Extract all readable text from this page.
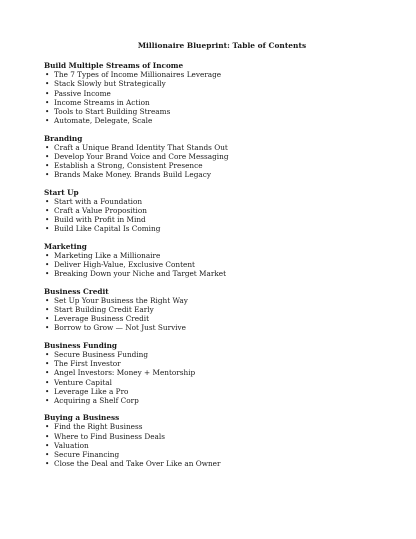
Millionaire Blueprint: Table of Contents
Build Multiple Streams of Income
• The 7 Types of Income Millionaires Leverage
• Stack Slowly but Strategically
• Passive Income
• Income Streams in Action
• Tools to Start Building Streams
• Automate, Delegate, Scale
Branding
• Craft a Unique Brand Identity That Stands Out
• Develop Your Brand Voice and Core Messaging
• Establish a Strong, Consistent Presence
• Brands Make Money. Brands Build Legacy
Start Up
• Start with a Foundation
• Craft a Value Proposition
• Build with Profit in Mind
• Build Like Capital Is Coming
Marketing
• Marketing Like a Millionaire
• Deliver High-Value, Exclusive Content
• Breaking Down your Niche and Target Market
Business Credit
• Set Up Your Business the Right Way
• Start Building Credit Early
• Leverage Business Credit
• Borrow to Grow — Not Just Survive
Business Funding
• Secure Business Funding
• The First Investor
• Angel Investors: Money + Mentorship
• Venture Capital
• Leverage Like a Pro
• Acquiring a Shelf Corp
Buying a Business
• Find the Right Business
• Where to Find Business Deals
• Valuation
• Secure Financing
• Close the Deal and Take Over Like an Owner
